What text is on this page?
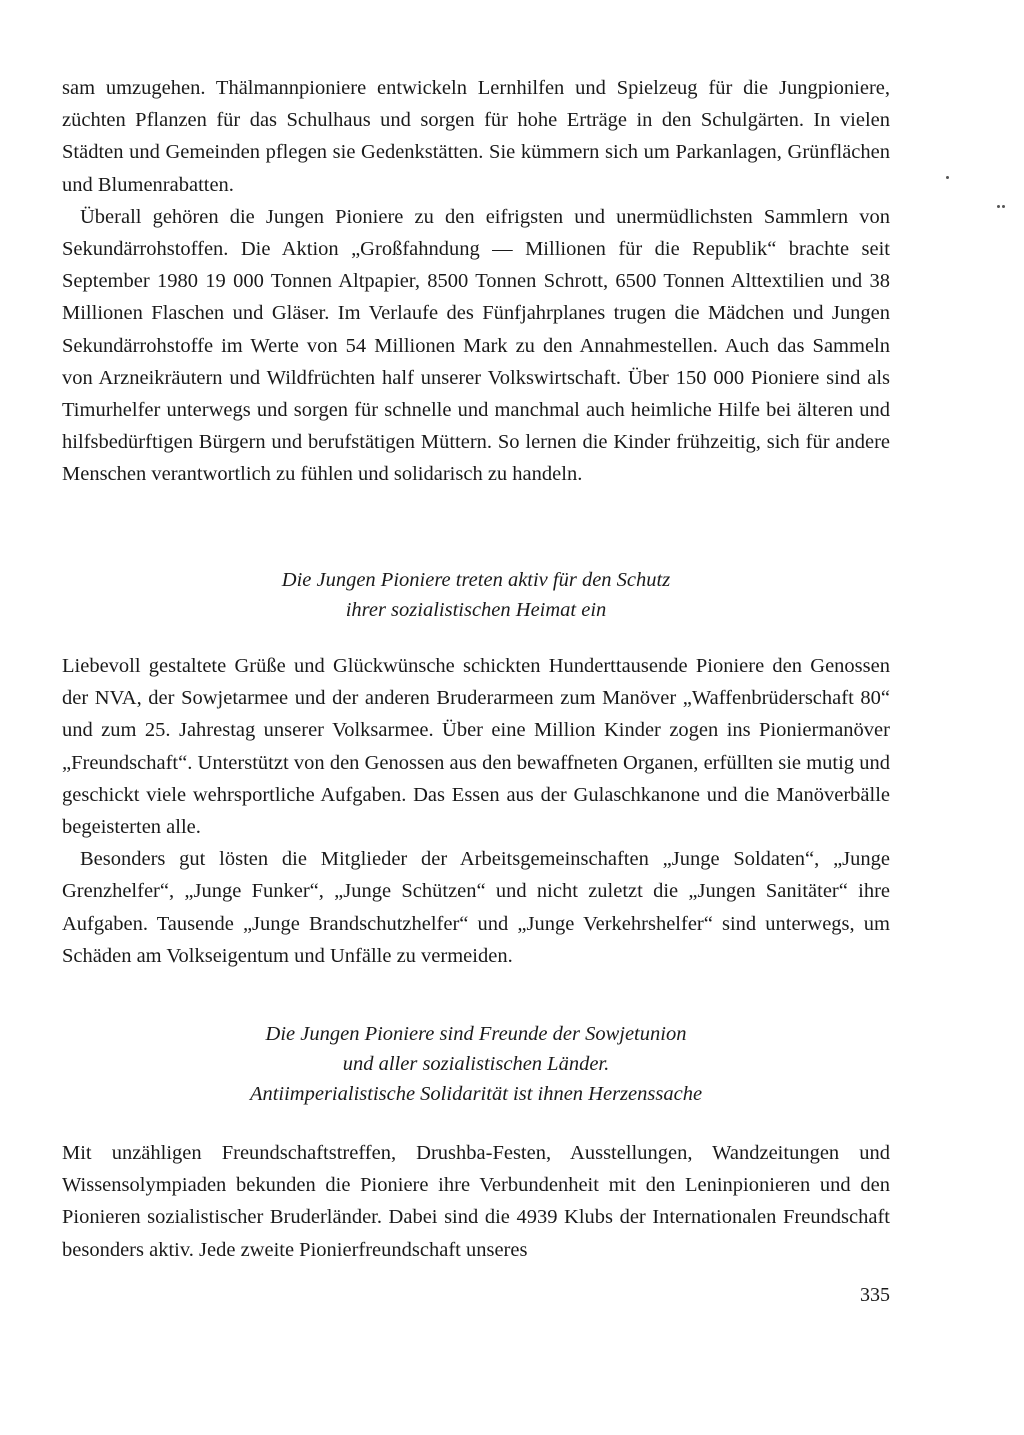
sam umzugehen. Thälmannpioniere entwickeln Lernhilfen und Spielzeug für die Jungpioniere, züchten Pflanzen für das Schulhaus und sorgen für hohe Erträge in den Schulgärten. In vielen Städten und Gemeinden pflegen sie Gedenkstätten. Sie kümmern sich um Parkanlagen, Grünflächen und Blumenrabatten.

Überall gehören die Jungen Pioniere zu den eifrigsten und unermüdlichsten Sammlern von Sekundärrohstoffen. Die Aktion „Großfahndung — Millionen für die Republik“ brachte seit September 1980 19 000 Tonnen Altpapier, 8500 Tonnen Schrott, 6500 Tonnen Alttextilien und 38 Millionen Flaschen und Gläser. Im Verlaufe des Fünfjahrplanes trugen die Mädchen und Jungen Sekundärrohstoffe im Werte von 54 Millionen Mark zu den Annahmestellen. Auch das Sammeln von Arzneikräutern und Wildfrüchten half unserer Volkswirtschaft. Über 150 000 Pioniere sind als Timurhelfer unterwegs und sorgen für schnelle und manchmal auch heimliche Hilfe bei älteren und hilfsbedürftigen Bürgern und berufstätigen Müttern. So lernen die Kinder frühzeitig, sich für andere Menschen verantwortlich zu fühlen und solidarisch zu handeln.

Die Jungen Pioniere treten aktiv für den Schutz
ihrer sozialistischen Heimat ein

Liebevoll gestaltete Grüße und Glückwünsche schickten Hunderttausende Pioniere den Genossen der NVA, der Sowjetarmee und der anderen Bruderarmeen zum Manöver „Waffenbrüderschaft 80“ und zum 25. Jahrestag unserer Volksarmee. Über eine Million Kinder zogen ins Pioniermanöver „Freundschaft“. Unterstützt von den Genossen aus den bewaffneten Organen, erfüllten sie mutig und geschickt viele wehrsportliche Aufgaben. Das Essen aus der Gulaschkanone und die Manöverbälle begeisterten alle.

Besonders gut lösten die Mitglieder der Arbeitsgemeinschaften „Junge Soldaten“, „Junge Grenzhelfer“, „Junge Funker“, „Junge Schützen“ und nicht zuletzt die „Jungen Sanitäter“ ihre Aufgaben. Tausende „Junge Brandschutzhelfer“ und „Junge Verkehrshelfer“ sind unterwegs, um Schäden am Volkseigentum und Unfälle zu vermeiden.

Die Jungen Pioniere sind Freunde der Sowjetunion
und aller sozialistischen Länder.
Antiimperialistische Solidarität ist ihnen Herzenssache

Mit unzähligen Freundschaftstreffen, Drushba-Festen, Ausstellungen, Wandzeitungen und Wissensolympiaden bekunden die Pioniere ihre Verbundenheit mit den Leninpionieren und den Pionieren sozialistischer Bruderländer. Dabei sind die 4939 Klubs der Internationalen Freundschaft besonders aktiv. Jede zweite Pionierfreundschaft unseres

335
